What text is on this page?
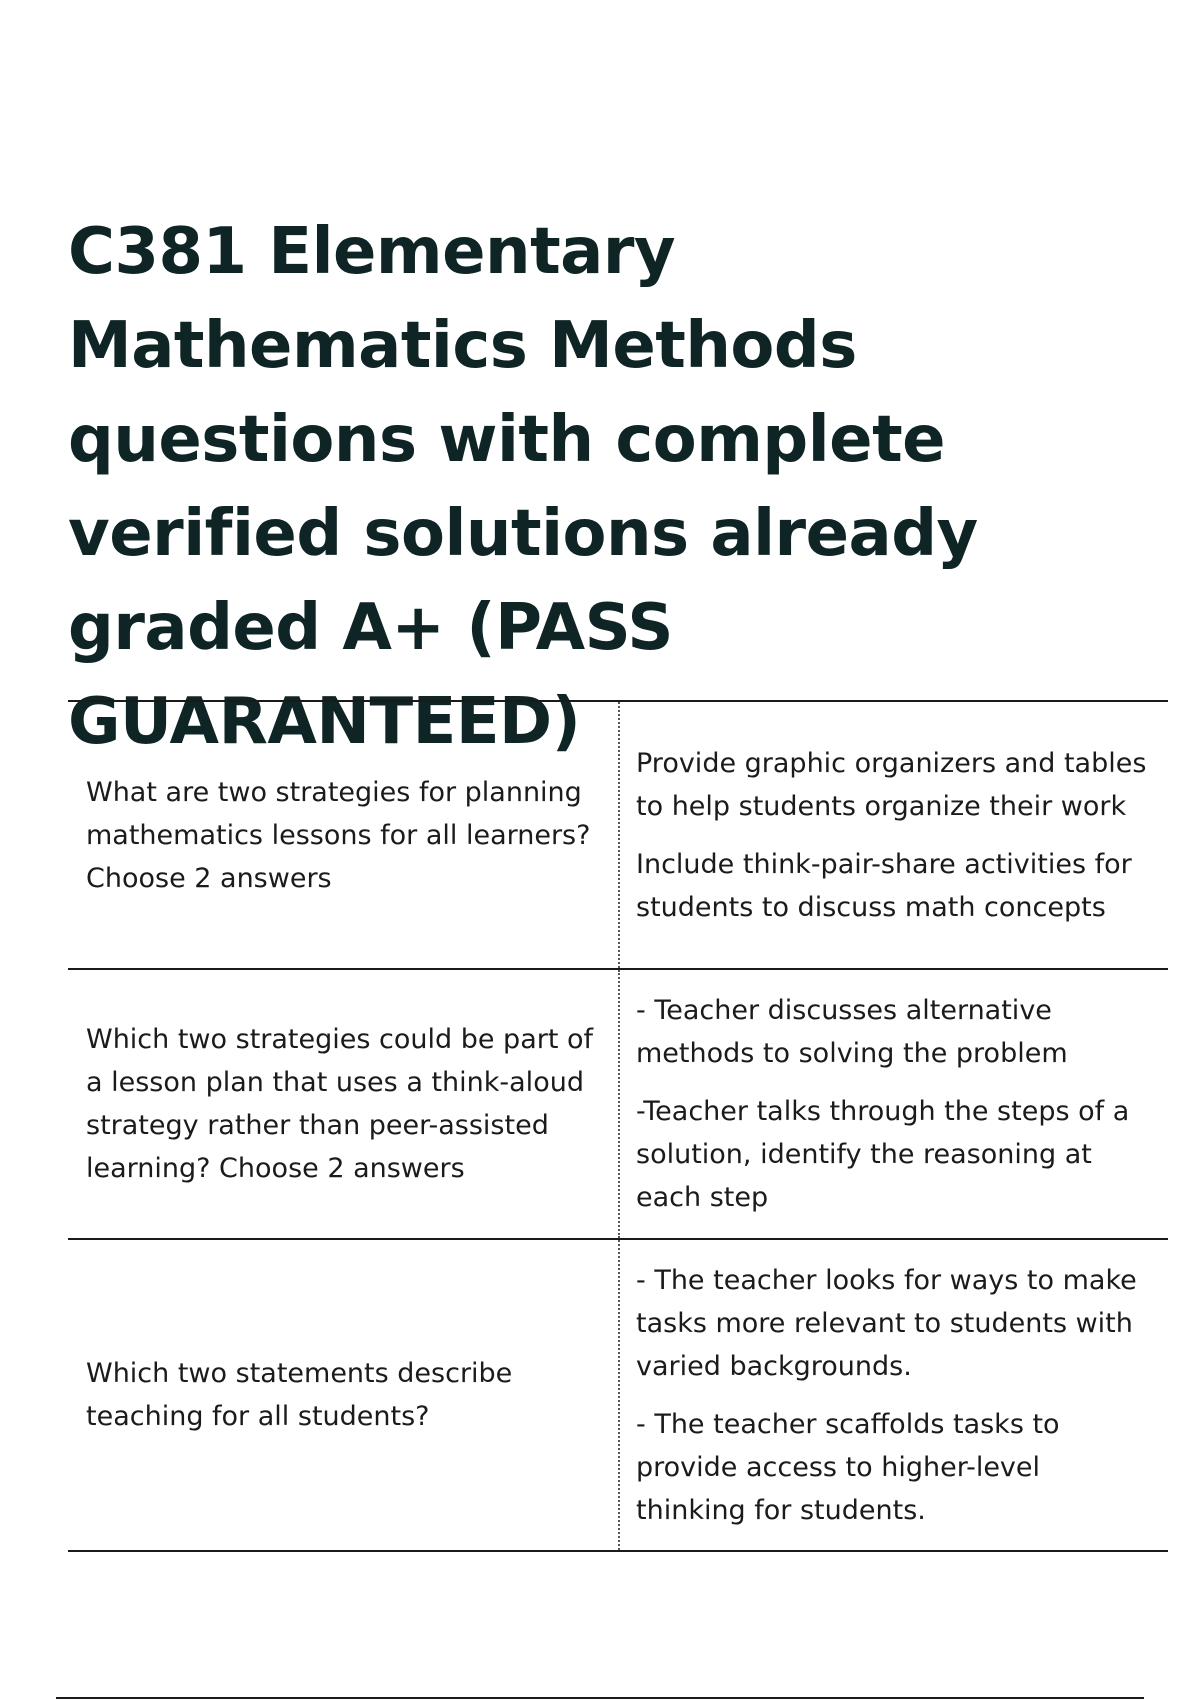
C381 Elementary Mathematics Methods questions with complete verified solutions already graded A+ (PASS GUARANTEED)
What are two strategies for planning mathematics lessons for all learners? Choose 2 answers
Provide graphic organizers and tables to help students organize their work
Include think-pair-share activities for students to discuss math concepts
Which two strategies could be part of a lesson plan that uses a think-aloud strategy rather than peer-assisted learning? Choose 2 answers
- Teacher discusses alternative methods to solving the problem
-Teacher talks through the steps of a solution, identify the reasoning at each step
Which two statements describe teaching for all students?
- The teacher looks for ways to make tasks more relevant to students with varied backgrounds.
- The teacher scaffolds tasks to provide access to higher-level thinking for students.
